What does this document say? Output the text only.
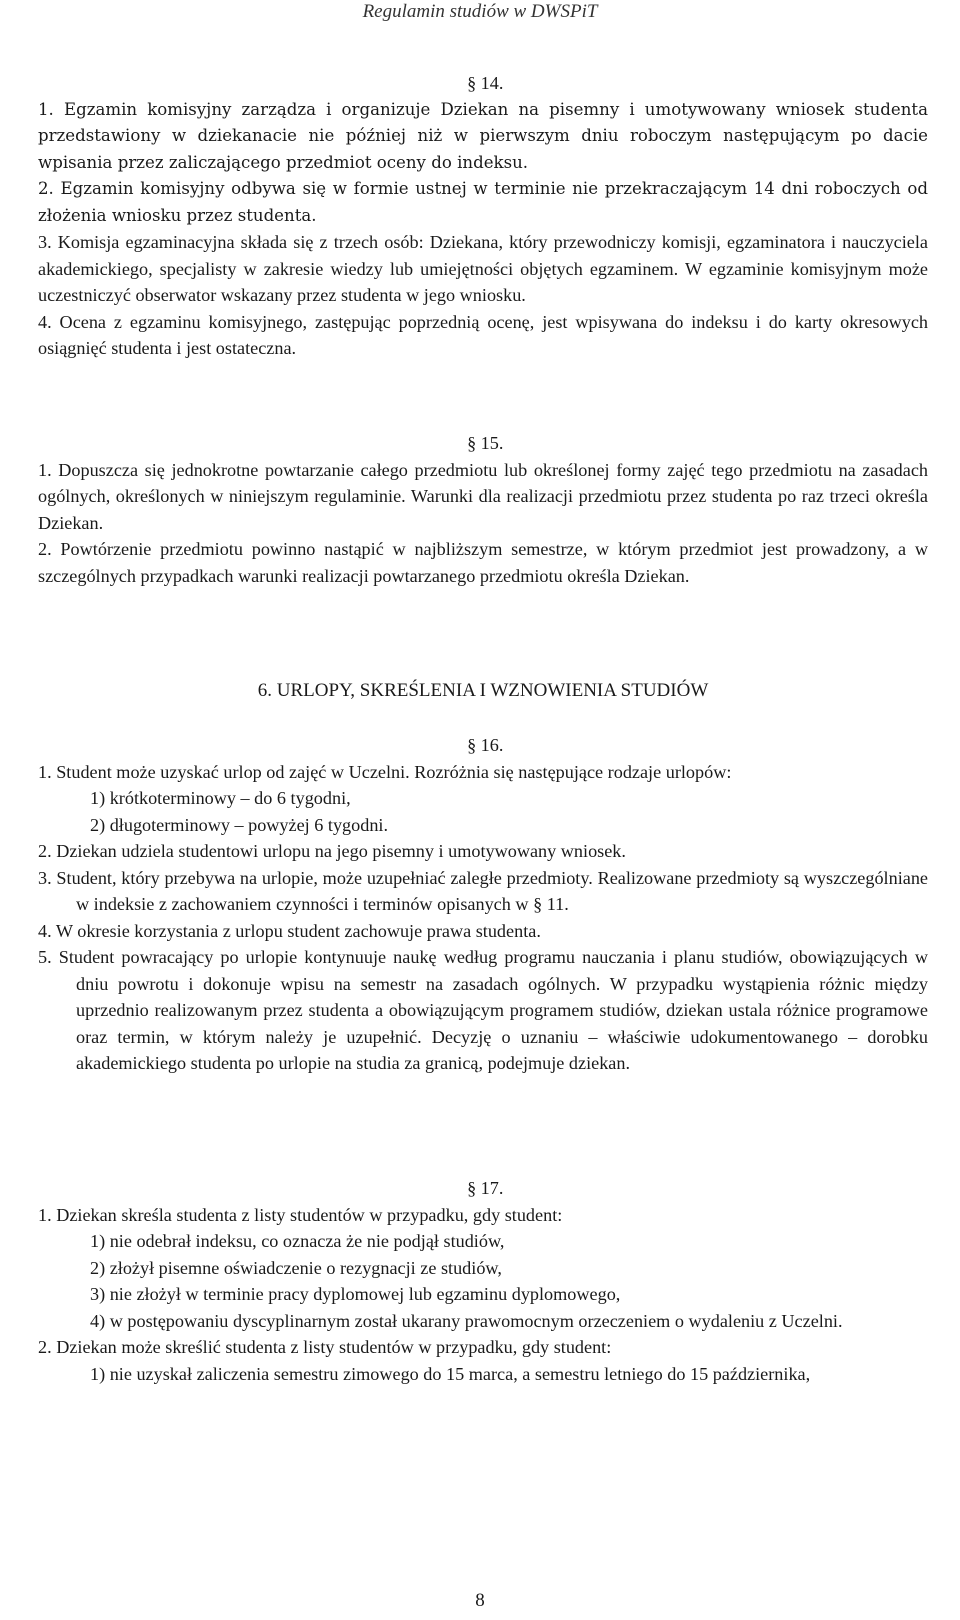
Regulamin studiów w DWSPiT
§ 14.

1. Egzamin komisyjny zarządza i organizuje Dziekan na pisemny i umotywowany wniosek studenta przedstawiony w dziekanacie nie później niż w pierwszym dniu roboczym następującym po dacie wpisania przez zaliczającego przedmiot oceny do indeksu.

2. Egzamin komisyjny odbywa się w formie ustnej w terminie nie przekraczającym 14 dni roboczych od złożenia wniosku przez studenta.

3. Komisja egzaminacyjna składa się z trzech osób: Dziekana, który przewodniczy komisji, egzaminatora i nauczyciela akademickiego, specjalisty w zakresie wiedzy lub umiejętności objętych egzaminem. W egzaminie komisyjnym może uczestniczyć obserwator wskazany przez studenta w jego wniosku.

4. Ocena z egzaminu komisyjnego, zastępując poprzednią ocenę, jest wpisywana do indeksu i do karty okresowych osiągnięć studenta i jest ostateczna.

§ 15.

1. Dopuszcza się jednokrotne powtarzanie całego przedmiotu lub określonej formy zajęć tego przedmiotu na zasadach ogólnych, określonych w niniejszym regulaminie. Warunki dla realizacji przedmiotu przez studenta po raz trzeci określa Dziekan.

2. Powtórzenie przedmiotu powinno nastąpić w najbliższym semestrze, w którym przedmiot jest prowadzony, a w szczególnych przypadkach warunki realizacji powtarzanego przedmiotu określa Dziekan.

6. URLOPY, SKREŚLENIA I WZNOWIENIA STUDIÓW
§ 16.

1. Student może uzyskać urlop od zajęć w Uczelni. Rozróżnia się następujące rodzaje urlopów:

1) krótkoterminowy – do 6 tygodni,

2) długoterminowy – powyżej 6 tygodni.

2. Dziekan udziela studentowi urlopu na jego pisemny i umotywowany wniosek.

3. Student, który przebywa na urlopie, może uzupełniać zaległe przedmioty. Realizowane przedmioty są wyszczególniane w indeksie z zachowaniem czynności i terminów opisanych w § 11.

4. W okresie korzystania z urlopu student zachowuje prawa studenta.

5. Student powracający po urlopie kontynuuje naukę według programu nauczania i planu studiów, obowiązujących w dniu powrotu i dokonuje wpisu na semestr na zasadach ogólnych. W przypadku wystąpienia różnic między uprzednio realizowanym przez studenta a obowiązującym programem studiów, dziekan ustala różnice programowe oraz termin, w którym należy je uzupełnić. Decyzję o uznaniu – właściwie udokumentowanego – dorobku akademickiego studenta po urlopie na studia za granicą, podejmuje dziekan.

§ 17.

1. Dziekan skreśla studenta z listy studentów w przypadku, gdy student:

1) nie odebrał indeksu, co oznacza że nie podjął studiów,

2) złożył pisemne oświadczenie o rezygnacji ze studiów,

3) nie złożył w terminie pracy dyplomowej lub egzaminu dyplomowego,

4) w postępowaniu dyscyplinarnym został ukarany prawomocnym orzeczeniem o wydaleniu z Uczelni.

2. Dziekan może skreślić studenta z listy studentów w przypadku, gdy student:

1) nie uzyskał zaliczenia semestru zimowego do 15 marca, a semestru letniego do 15 października,

8
